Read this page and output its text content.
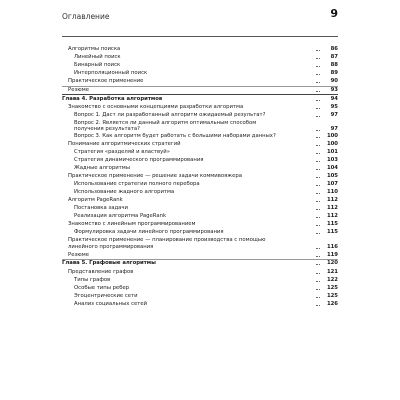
Оглавление	9
Алгоритмы поиска	86
Линейный поиск	87
Бинарный поиск	88
Интерполяционный поиск	89
Практическое применение	90
Резюме	93
Глава 4. Разработка алгоритмов	94
Знакомство с основными концепциями разработки алгоритма	95
Вопрос 1. Даст ли разработанный алгоритм ожидаемый результат?	97
Вопрос 2. Является ли данный алгоритм оптимальным способом
получения результата?	97
Вопрос 3. Как алгоритм будет работать с большими наборами данных?	100
Понимание алгоритмических стратегий	100
Стратегия «разделяй и властвуй»	101
Стратегия динамического программирования	103
Жадные алгоритмы	104
Практическое применение — решение задачи коммивояжера	105
Использование стратегии полного перебора	107
Использование жадного алгоритма	110
Алгоритм PageRank	112
Постановка задачи	112
Реализация алгоритма PageRank	112
Знакомство с линейным программированием	115
Формулировка задачи линейного программирования	115
Практическое применение — планирование производства с помощью
линейного программирования	116
Резюме	119
Глава 5. Графовые алгоритмы	120
Представление графов	121
Типы графов	122
Особые типы ребер	125
Эгоцентрические сети	125
Анализ социальных сетей	126
